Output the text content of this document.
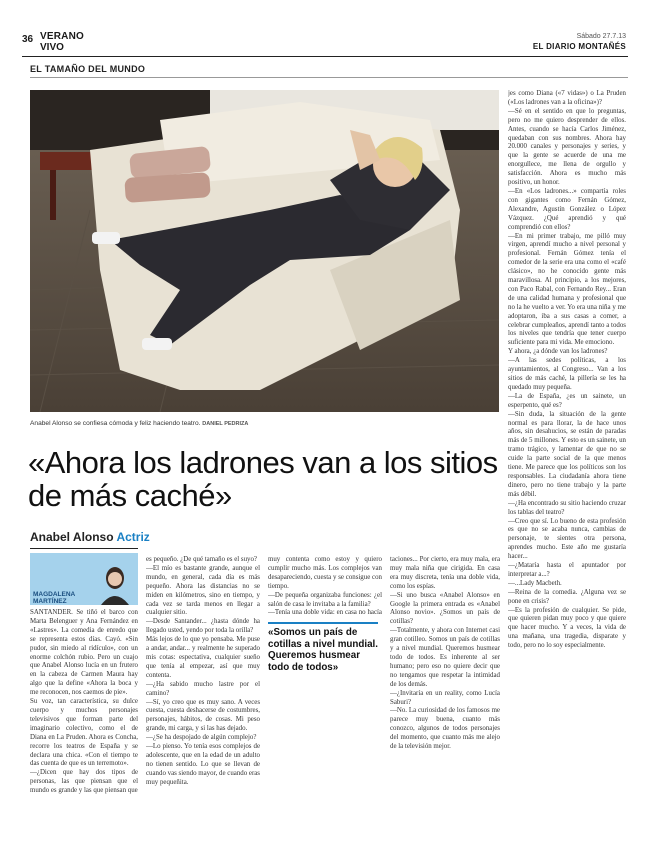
36 VERANO
VIVO
Sábado 27.7.13
EL DIARIO MONTAÑÉS
EL TAMAÑO DEL MUNDO
Anabel Alonso se confiesa cómoda y feliz haciendo teatro. DANIEL PEDRIZA
«Ahora los ladrones van a los sitios de más caché»
Anabel Alonso Actriz
MAGDALENA MARTÍNEZ

SANTANDER. Se tiñó el barco con Marta Belenguer y Ana Fernández en «Lastres». La comedia de enredo que se representa estos días. Cayó. «Sin pudor, sin miedo al ridículo», con un enorme colchón rubio. Pero un cuajo que Anabel Alonso lucía en un frutero en la cabeza de Carmen Maura hay algo que la define «Ahora la boca y me reconocen, nos caemos de pie».

Su voz, tan característica, su dulce cuerpo y muchos personajes televisivos que forman parte del imaginario colectivo, como el de Diana en La Pruden. Ahora es Concha, recorre los teatros de España y se declara una chica. «Con el tiempo te das cuenta de que es un terremoto».

—¿Dicen que hay dos tipos de personas, las que piensan que el mundo es grande y las que piensan que

es pequeño. ¿De qué tamaño es el suyo?

—El mío es bastante grande, aunque el mundo, en general, cada día es más pequeño. Ahora las distancias no se miden en kilómetros, sino en tiempo, y cada vez se tarda menos en llegar a cualquier sitio.

—Desde Santander... ¿hasta dónde ha llegado usted, yendo por toda la orilla?

Más lejos de lo que yo pensaba. Me puse a andar, andar... y realmente he superado mis cotas: espectativa, cualquier sueño que tenía al empezar, así que muy contenta.

—¿Ha sabido mucho lastre por el camino?

—Sí, yo creo que es muy sano. A veces cuesta, cuesta deshacerse de costumbres, personajes, hábitos, de cosas. Mi peso grande, mi carga, y si las has dejado.

—¿Se ha despojado de algún complejo?

—Lo pienso. Yo tenía esos complejos de adolescente, que en la edad de un adulto no tienen sentido. Lo que se llevan de cuando vas siendo mayor, de cuando eras muy pequeñita.

muy contenta como estoy y quiero cumplir mucho más. Los complejos van desapareciendo, cuesta y se consigue con tiempo.

—De pequeña organizaba funciones: ¿el salón de casa le invitaba a la familia?

—Tenía una doble vida: en casa no hacía

«Somos un país de cotillas a nivel mundial. Queremos husmear todo de todos»

taciones... Por cierto, era muy mala, era muy mala niña que cirigida. En casa era muy discreta, tenía una doble vida, como los espías.

—Si uno busca «Anabel Alonso» en Google la primera entrada es «Anabel Alonso novio». ¿Somos un país de cotillas?

—Totalmente, y ahora con Internet casi gran cotilleo. Somos un país de cotillas y a nivel mundial. Queremos husmear todo de todos. Es inherente al ser humano; pero eso no quiere decir que no tengamos que respetar la intimidad de los demás.

—¿Invitaría en un reality, como Lucía Saburi?

—No. La curiosidad de los famosos me parece muy buena, cuanto más conozco, algunos de todos personajes del momento, que cuanto más me alejo de la televisión mejor.

jes como Diana («7 vidas») o La Pruden («Los ladrones van a la oficina»)?

—Sé en el sentido en que lo preguntas, pero no me quiero desprender de ellos. Antes, cuando se hacía Carlos Jiménez, quedaban con sus nombres. Ahora hay 20.000 canales y personajes y series, y que la gente se acuerde de una me enorgullece, me llena de orgullo y satisfacción. Ahora es mucho más positivo, un honor.

—En «Los ladrones...» compartía roles con gigantes como Fernán Gómez, Alexandre, Agustín González o López Vázquez. ¿Qué aprendió y qué comprendió con ellos?

—En mi primer trabajo, me pilló muy virgen, aprendí mucho a nivel personal y profesional. Fernán Gómez tenía el comedor de la serie era una como el «café clásico», no he conocido gente más maravillosa. Al principio, a los mejores, con Paco Rabal, con Fernando Rey... Eran de una calidad humana y profesional que no la he vuelto a ver. Yo era una niña y me adoptaron, iba a sus casas a comer, a celebrar cumpleaños, aprendí tanto a todos los niveles que tendría que tener cuerpo suficiente para mi vida. Me emociono.

Y ahora, ¿a dónde van los ladrones?

—A las sedes políticas, a los ayuntamientos, al Congreso... Van a los sitios de más caché, la pillería se les ha quedado muy pequeña.

—La de España, ¿es un sainete, un esperpento, qué es?

—Sin duda, la situación de la gente normal es para llorar, la de hace unos años, sin desahucios, se están de paradas más de 5 millones. Y esto es un sainete, un tramo trágico, y lamentar de que no se cuide la parte social de la que menos tiene. Me parece que los políticos son los responsables. La ciudadanía ahora tiene dinero, pero no tiene trabajo y la parte más débil.

—¿Ha encontrado su sitio haciendo cruzar los tablas del teatro?

—Creo que sí. Lo bueno de esta profesión es que no se acaba nunca, cambias de personaje, te sientes otra persona, aprendes mucho. Este año me gustaría hacer...

—¿Mataría hasta el apuntador por interpretar a...?

—...Lady Macbeth.

—Reina de la comedia. ¿Alguna vez se pone en crisis?

—Es la profesión de cualquier. Se pide, que quieren pidan muy poco y que quiere que hacer mucho. Y a veces, la vida de una mañana, una tragedia, disparate y todo, pero no lo soy especialmente.
